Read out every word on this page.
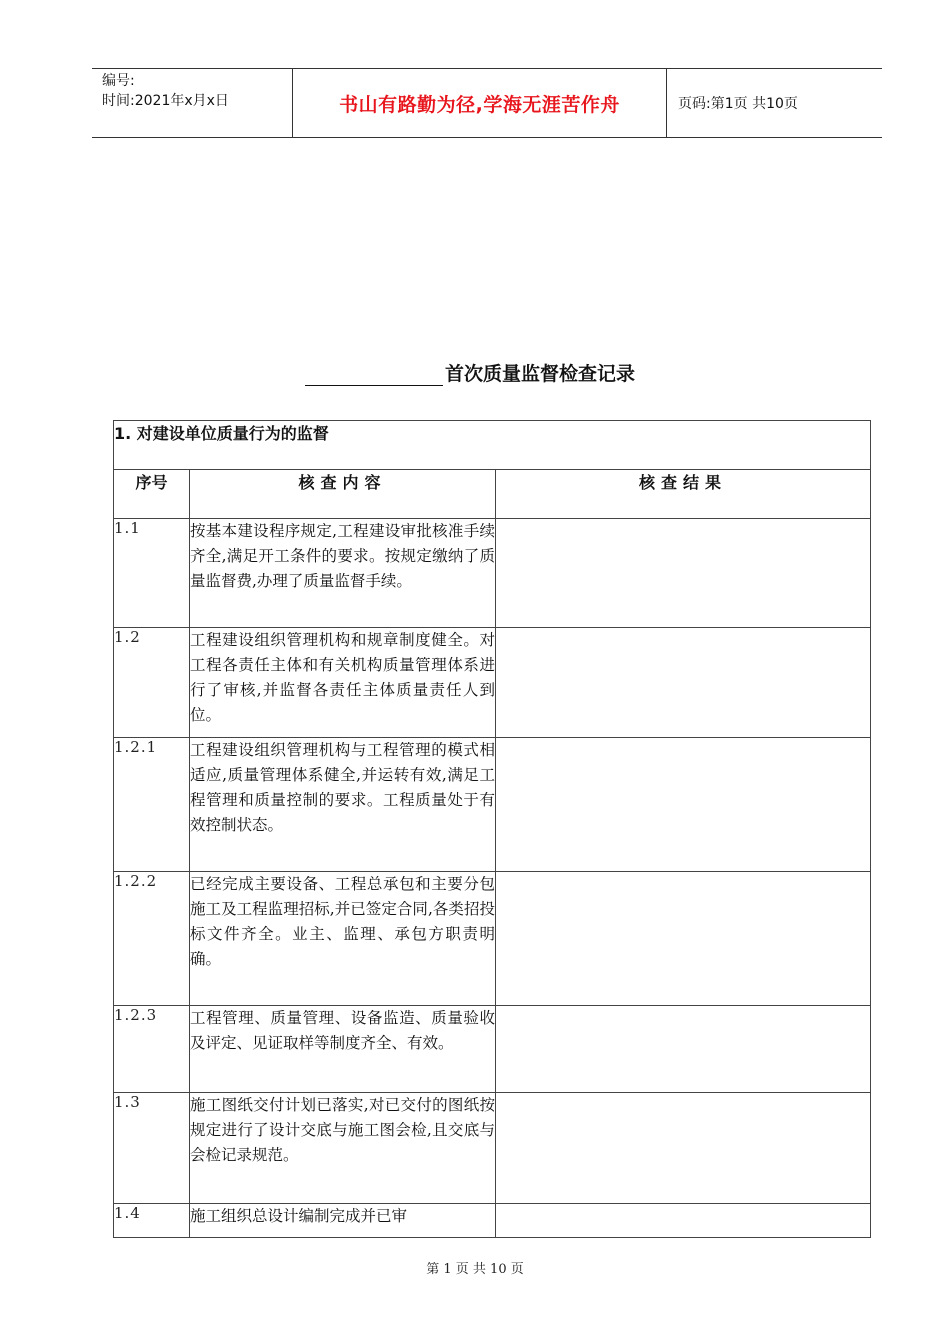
编号:
时间:2021年x月x日	书山有路勤为径,学海无涯苦作舟	页码:第1页 共10页
首次质量监督检查记录
1. 对建设单位质量行为的监督		
序号	核查内容	核查结果
1.1	按基本建设程序规定,工程建设审批核准手续齐全,满足开工条件的要求。按规定缴纳了质量监督费,办理了质量监督手续。	
1.2	工程建设组织管理机构和规章制度健全。对工程各责任主体和有关机构质量管理体系进行了审核,并监督各责任主体质量责任人到位。	
1.2.1	工程建设组织管理机构与工程管理的模式相适应,质量管理体系健全,并运转有效,满足工程管理和质量控制的要求。工程质量处于有效控制状态。	
1.2.2	已经完成主要设备、工程总承包和主要分包施工及工程监理招标,并已签定合同,各类招投标文件齐全。业主、监理、承包方职责明确。	
1.2.3	工程管理、质量管理、设备监造、质量验收及评定、见证取样等制度齐全、有效。	
1.3	施工图纸交付计划已落实,对已交付的图纸按规定进行了设计交底与施工图会检,且交底与会检记录规范。	
1.4	施工组织总设计编制完成并已审	
第 1 页 共 10 页
